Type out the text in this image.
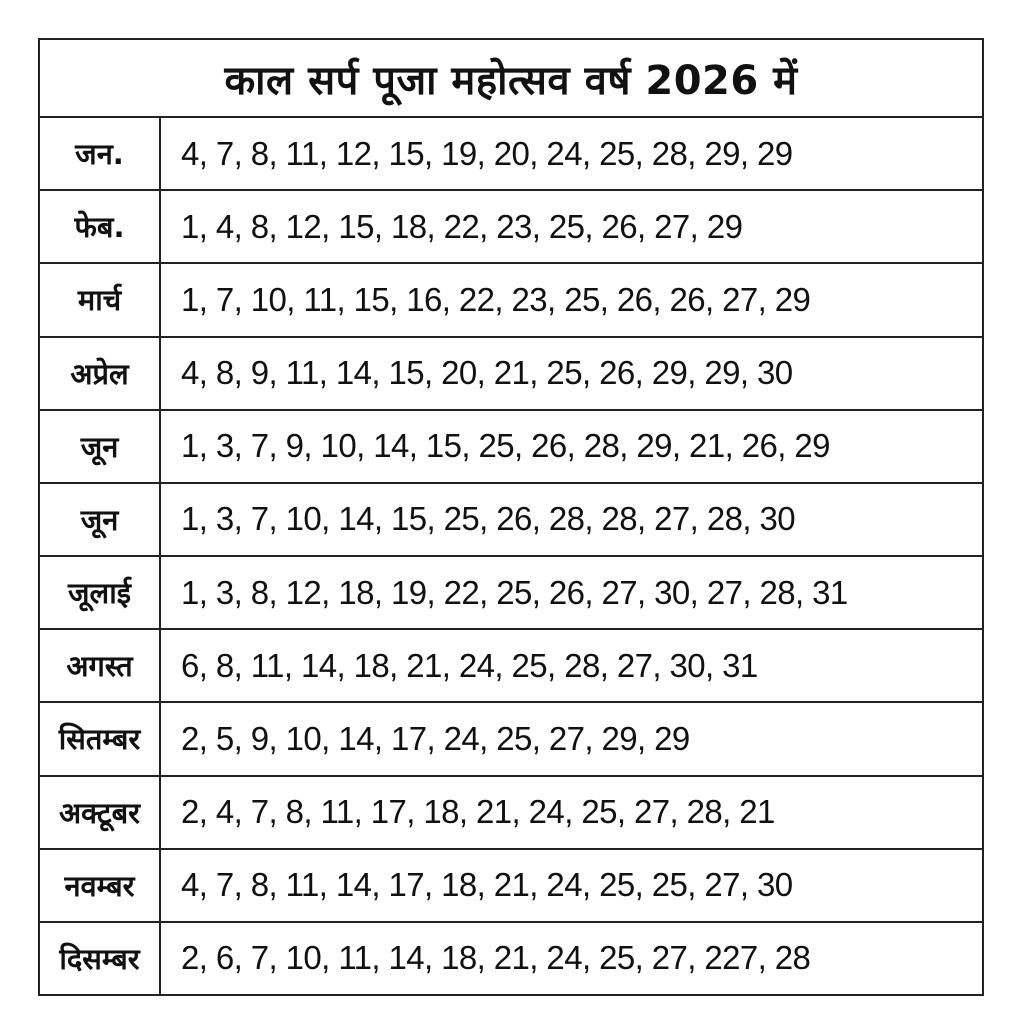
काल सर्प पूजा महोत्सव वर्ष 2026 में
जन.	4, 7, 8, 11, 12, 15, 19, 20, 24, 25, 28, 29, 29
फेब.	1, 4, 8, 12, 15, 18, 22, 23, 25, 26, 27, 29
मार्च	1, 7, 10, 11, 15, 16, 22, 23, 25, 26, 26, 27, 29
अप्रेल	4, 8, 9, 11, 14, 15, 20, 21, 25, 26, 29, 29, 30
जून	1, 3, 7, 9, 10, 14, 15, 25, 26, 28, 29, 21, 26, 29
जून	1, 3, 7, 10, 14, 15, 25, 26, 28, 28, 27, 28, 30
जूलाई	1, 3, 8, 12, 18, 19, 22, 25, 26, 27, 30, 27, 28, 31
अगस्त	6, 8, 11, 14, 18, 21, 24, 25, 28, 27, 30, 31
सितम्बर	2, 5, 9, 10, 14, 17, 24, 25, 27, 29, 29
अक्टूबर	2, 4, 7, 8, 11, 17, 18, 21, 24, 25, 27, 28, 21
नवम्बर	4, 7, 8, 11, 14, 17, 18, 21, 24, 25, 25, 27, 30
दिसम्बर	2, 6, 7, 10, 11, 14, 18, 21, 24, 25, 27, 227, 28
